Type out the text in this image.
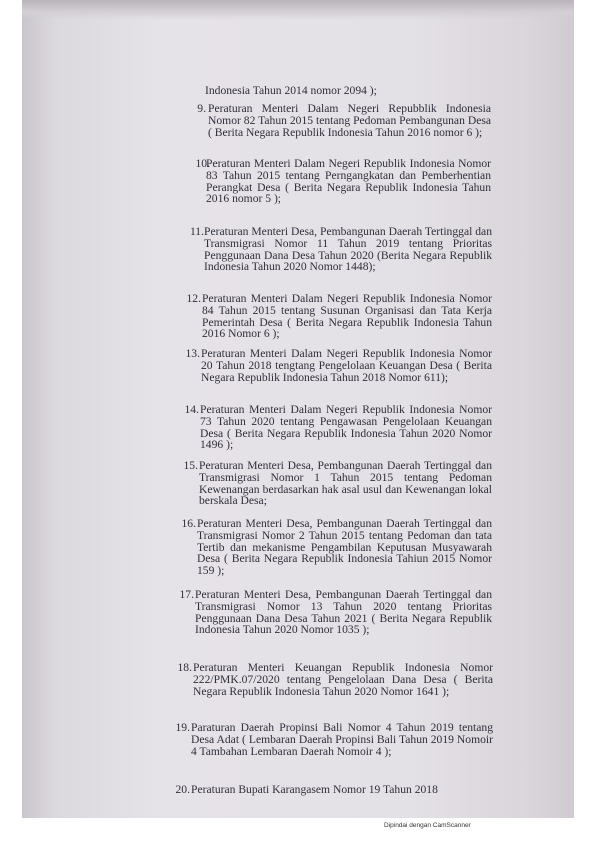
Indonesia Tahun 2014 nomor 2094 );
9. Peraturan Menteri Dalam Negeri Repubblik Indonesia Nomor 82 Tahun 2015 tentang Pedoman Pembangunan Desa ( Berita Negara Republik Indonesia Tahun 2016 nomor 6 );
10.
Peraturan Menteri Dalam Negeri Republik Indonesia Nomor 83 Tahun 2015 tentang Perngangkatan dan Pemberhentian Perangkat Desa ( Berita Negara Republik Indonesia Tahun 2016 nomor 5 );
11. Peraturan Menteri Desa, Pembangunan Daerah Tertinggal dan Transmigrasi Nomor 11 Tahun 2019 tentang Prioritas Penggunaan Dana Desa Tahun 2020 (Berita Negara Republik Indonesia Tahun 2020 Nomor 1448);
12. Peraturan Menteri Dalam Negeri Republik Indonesia Nomor 84 Tahun 2015 tentang Susunan Organisasi dan Tata Kerja Pemerintah Desa ( Berita Negara Republik Indonesia Tahun 2016 Nomor 6 );
13. Peraturan Menteri Dalam Negeri Republik Indonesia Nomor 20 Tahun 2018 tengtang Pengelolaan Keuangan Desa ( Berita Negara Republik Indonesia Tahun 2018 Nomor 611);
14. Peraturan Menteri Dalam Negeri Republik Indonesia Nomor 73 Tahun 2020 tentang Pengawasan Pengelolaan Keuangan Desa ( Berita Negara Republik Indonesia Tahun 2020 Nomor 1496 );
15. Peraturan Menteri Desa, Pembangunan Daerah Tertinggal dan Transmigrasi Nomor 1 Tahun 2015 tentang Pedoman Kewenangan berdasarkan hak asal usul dan Kewenangan lokal berskala Desa;
16. Peraturan Menteri Desa, Pembangunan Daerah Tertinggal dan Transmigrasi Nomor 2 Tahun 2015 tentang Pedoman dan tata Tertib dan mekanisme Pengambilan Keputusan Musyawarah Desa ( Berita Negara Republik Indonesia Tahiun 2015 Nomor 159 );
17. Peraturan Menteri Desa, Pembangunan Daerah Tertinggal dan Transmigrasi Nomor 13 Tahun 2020 tentang Prioritas Penggunaan Dana Desa Tahun 2021 ( Berita Negara Republik Indonesia Tahun 2020 Nomor 1035 );
18. Peraturan Menteri Keuangan Republik Indonesia Nomor 222/PMK.07/2020 tentang Pengelolaan Dana Desa ( Berita Negara Republik Indonesia Tahun 2020 Nomor 1641 );
19. Paraturan Daerah Propinsi Bali Nomor 4 Tahun 2019 tentang Desa Adat ( Lembaran Daerah Propinsi Bali Tahun 2019 Nomoir 4 Tambahan Lembaran Daerah Nomoir 4 );
20. Peraturan Bupati Karangasem Nomor 19 Tahun 2018
Dipindai dengan CamScanner
